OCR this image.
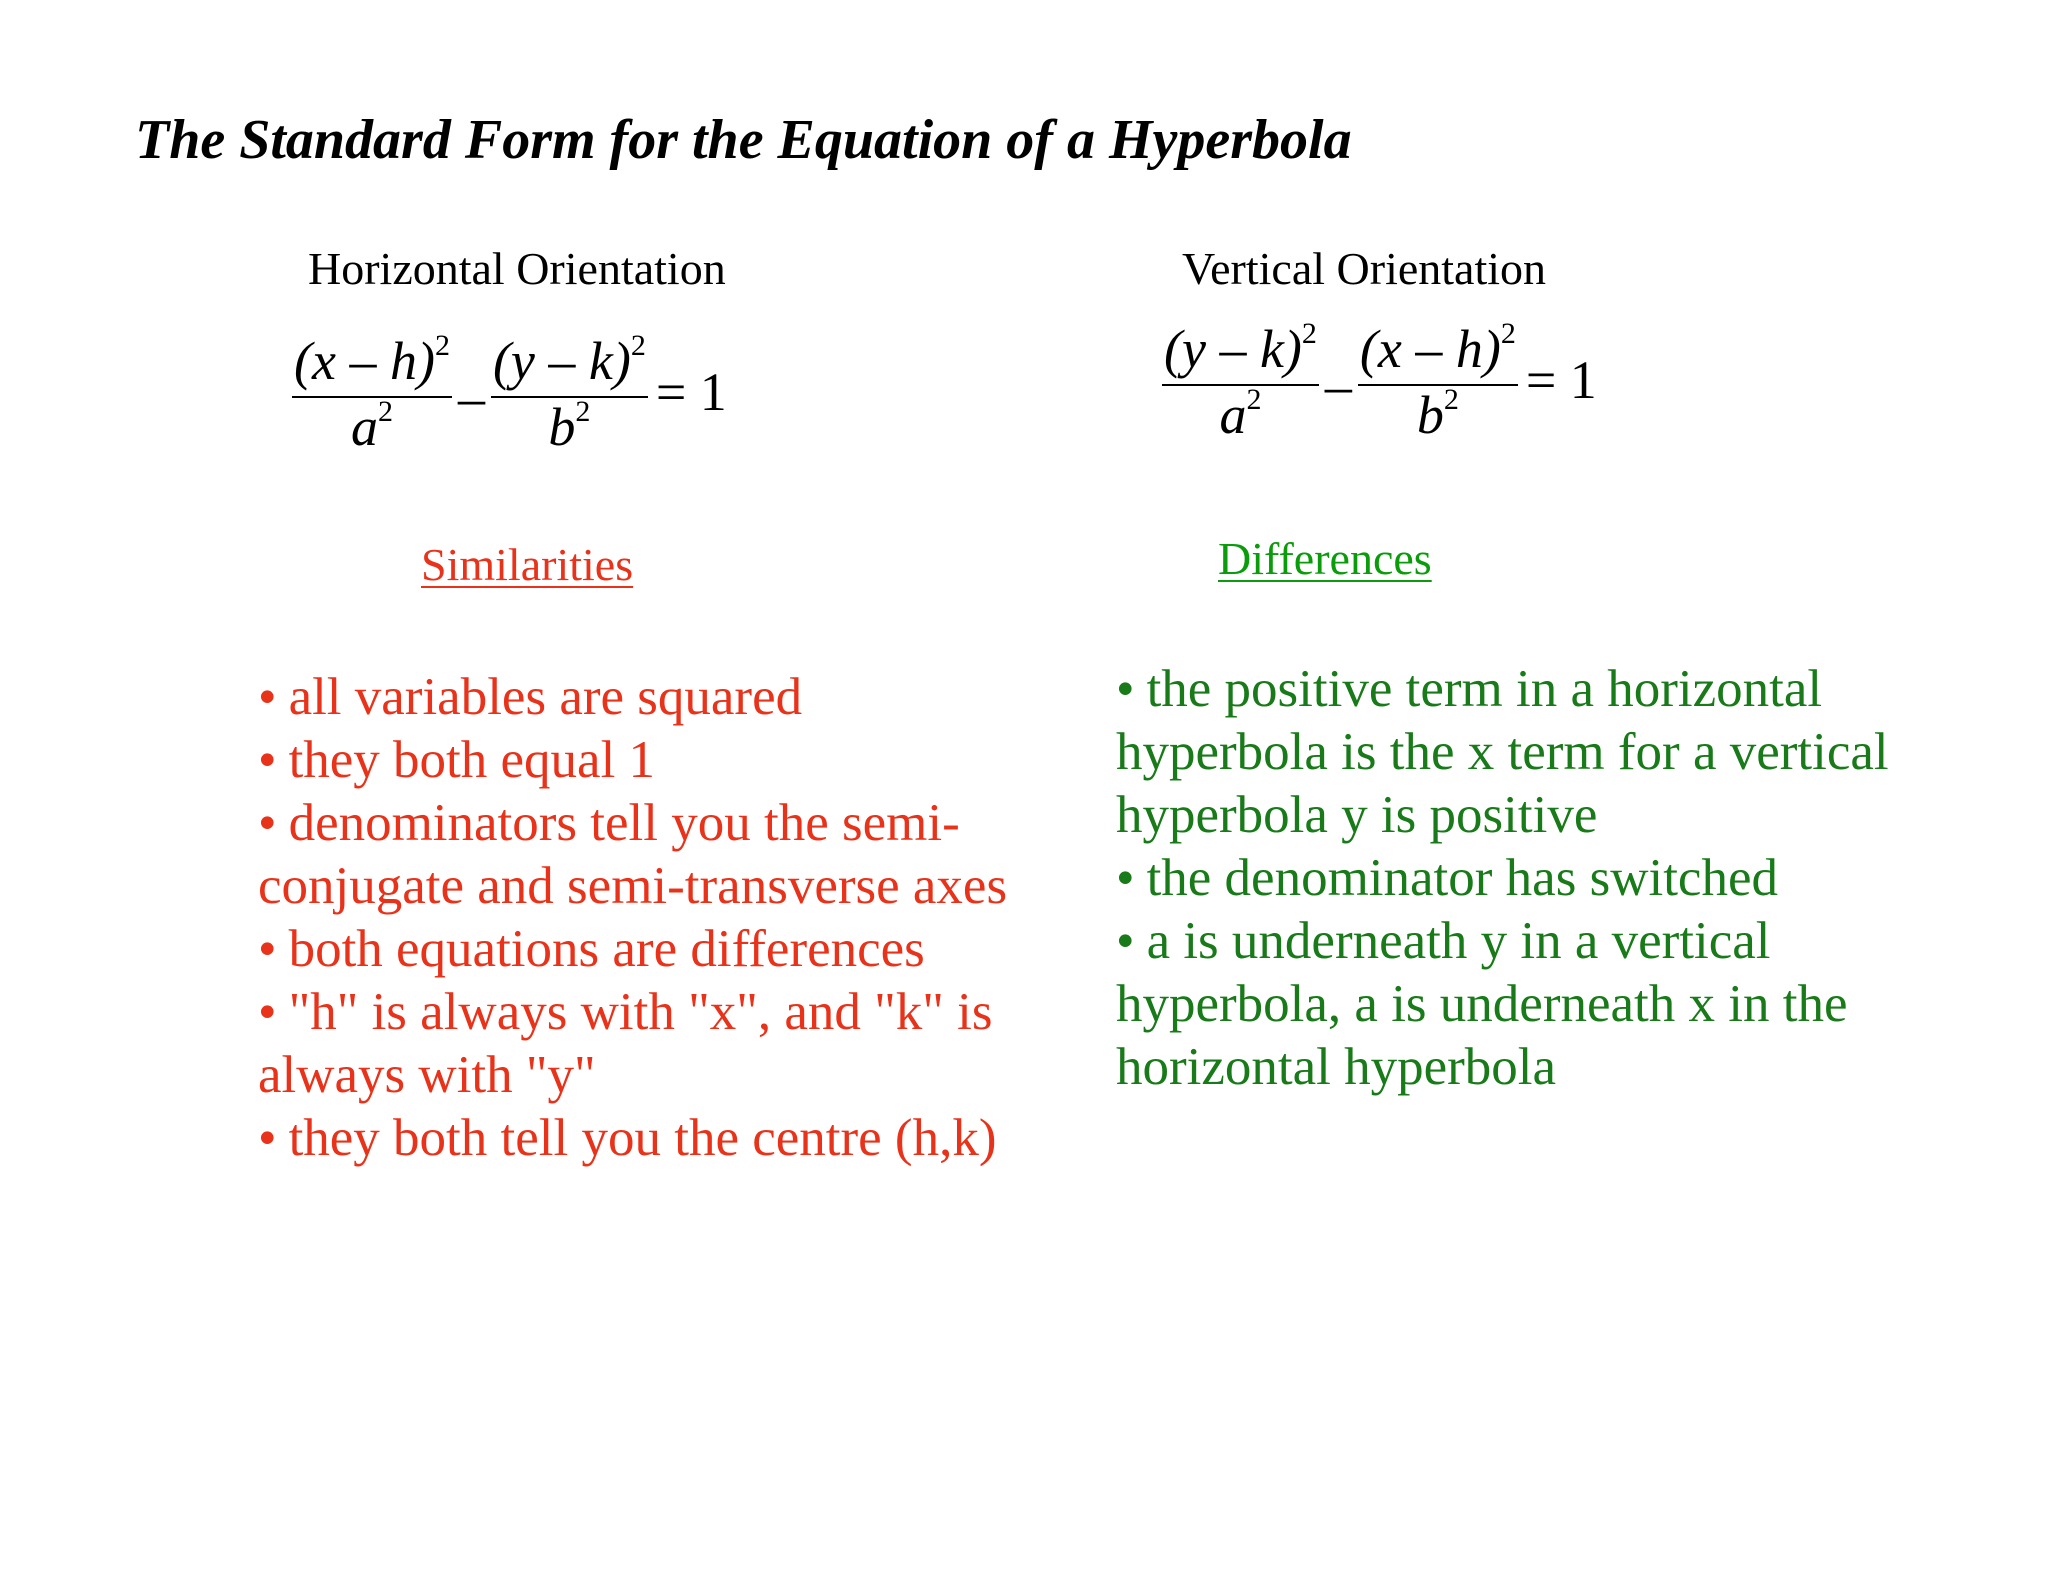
The Standard Form for the Equation of a Hyperbola
Horizontal Orientation	Vertical Orientation
$\frac{(x - h)^2}{a^2} - \frac{(y - k)^2}{b^2} = 1$	$\frac{(y - k)^2}{a^2} - \frac{(x - h)^2}{b^2} = 1$
Similarities	Differences
• all variables are squared
• they both equal 1
• denominators tell you the semi-conjugate and semi-transverse axes
• both equations are differences
• "h" is always with "x", and "k" is always with "y"
• they both tell you the centre (h,k)
• the positive term in a horizontal hyperbola is the x term for a vertical hyperbola y is positive
• the denominator has switched
• a is underneath y in a vertical hyperbola, a is underneath x in the horizontal hyperbola
